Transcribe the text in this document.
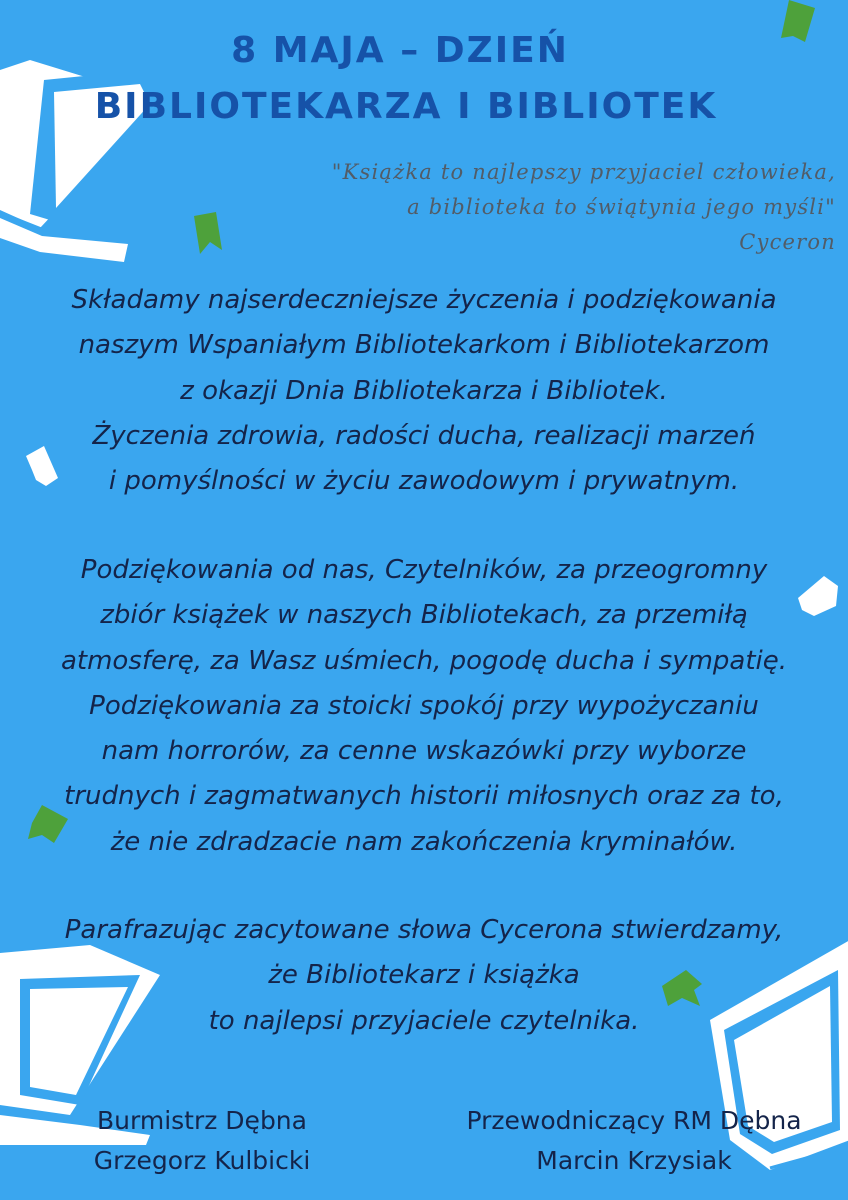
8 MAJA – DZIEŃ
BIBLIOTEKARZA I BIBLIOTEK
"Książka to najlepszy przyjaciel człowieka,
a biblioteka to świątynia jego myśli"
Cyceron
Składamy najserdeczniejsze życzenia i podziękowania
naszym Wspaniałym Bibliotekarkom i Bibliotekarzom
z okazji Dnia Bibliotekarza i Bibliotek.
Życzenia zdrowia, radości ducha, realizacji marzeń
i pomyślności w życiu zawodowym i prywatnym.
Podziękowania od nas, Czytelników, za przeogromny
zbiór książek w naszych Bibliotekach, za przemiłą
atmosferę, za Wasz uśmiech, pogodę ducha i sympatię.
Podziękowania za stoicki spokój przy wypożyczaniu
nam horrorów, za cenne wskazówki przy wyborze
trudnych i zagmatwanych historii miłosnych oraz za to,
że nie zdradzacie nam zakończenia kryminałów.
Parafrazując zacytowane słowa Cycerona stwierdzamy,
że Bibliotekarz i książka
to najlepsi przyjaciele czytelnika.
Burmistrz Dębna
Grzegorz Kulbicki
Przewodniczący RM Dębna
Marcin Krzysiak
